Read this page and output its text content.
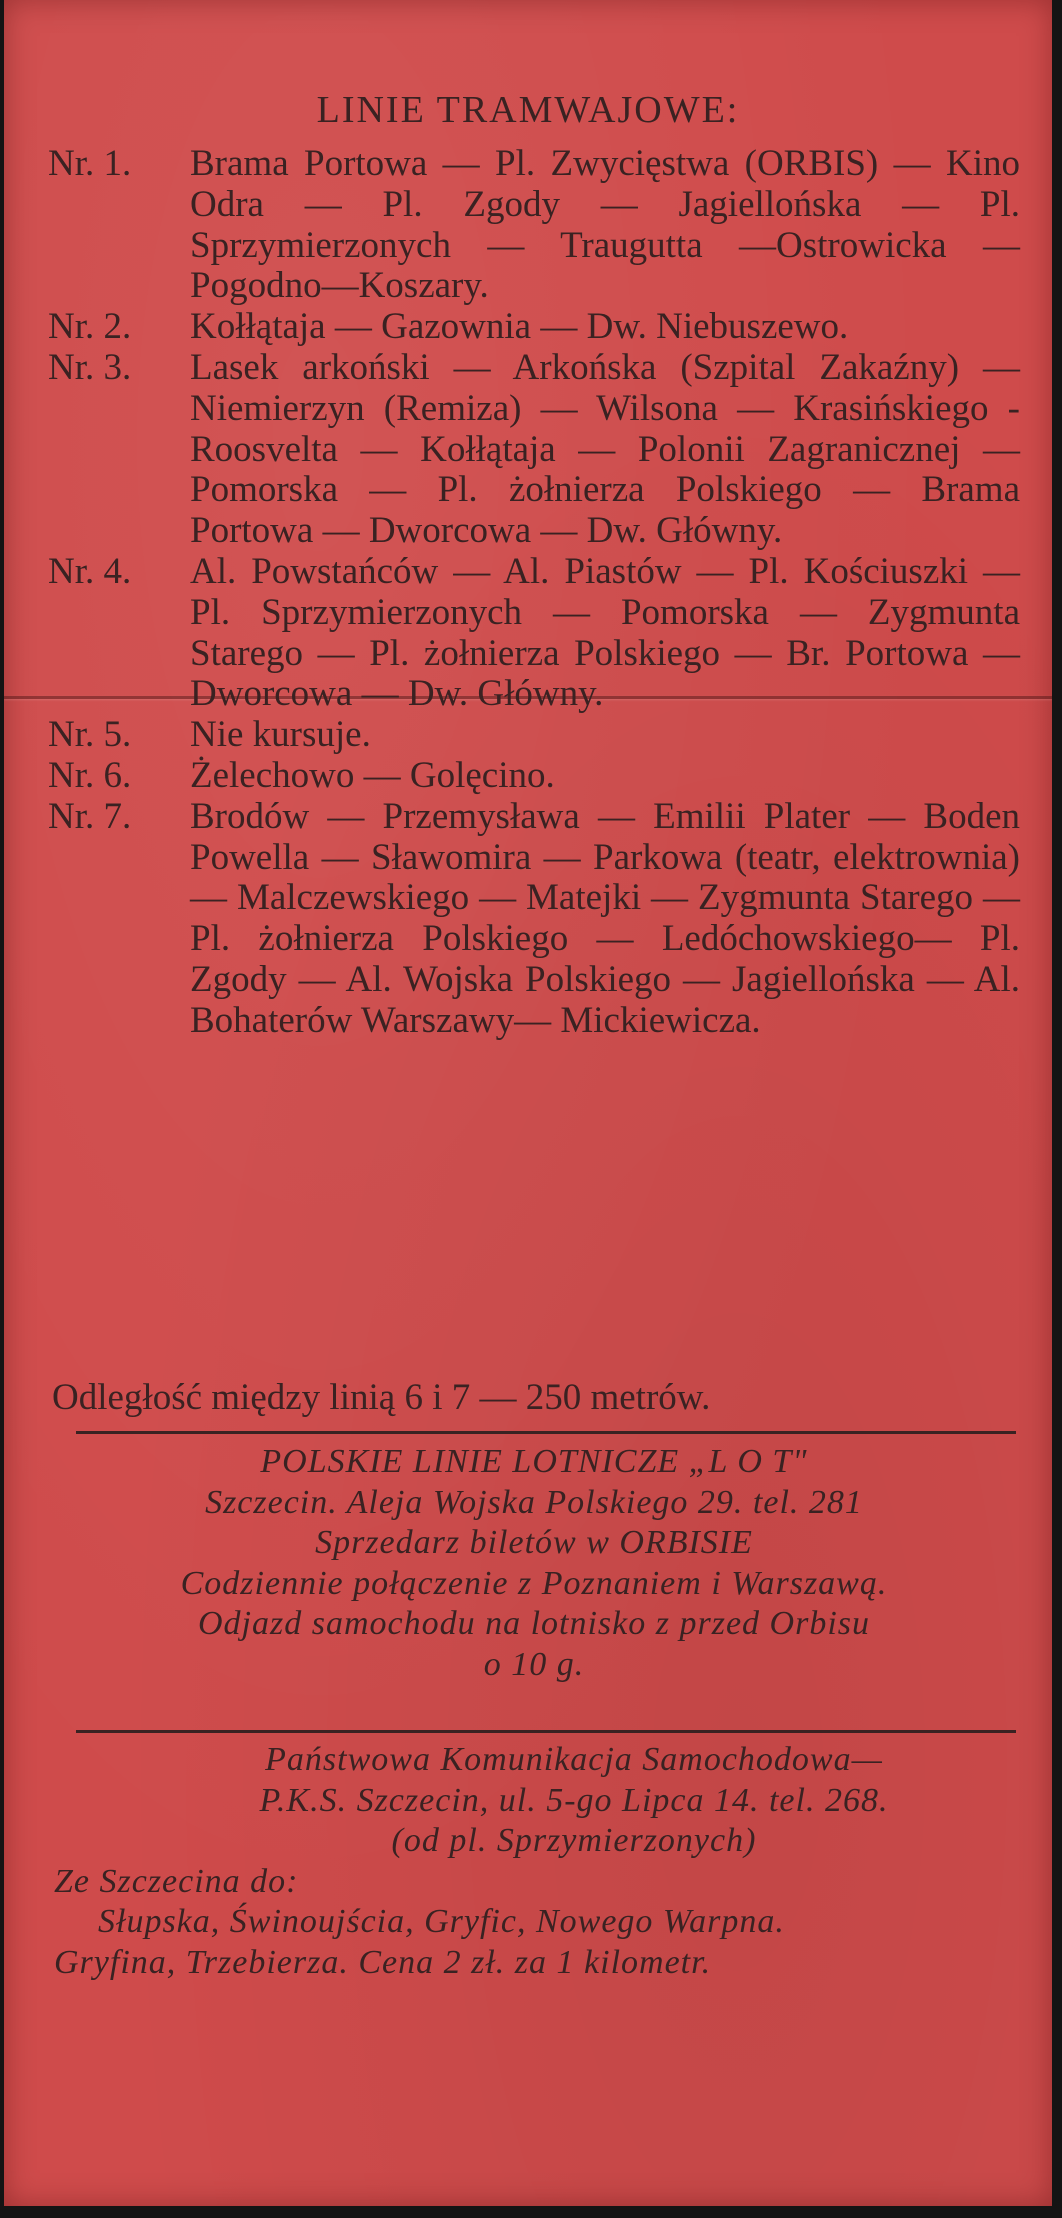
LINIE TRAMWAJOWE:
Nr. 1. Brama Portowa — Pl. Zwycięstwa (ORBIS) — Kino Odra — Pl. Zgody — Jagiellońska — Pl. Sprzymierzonych — Traugutta —Ostrowicka — Pogodno—Koszary.
Nr. 2. Kołłątaja — Gazownia — Dw. Niebuszewo.
Nr. 3. Lasek arkoński — Arkońska (Szpital Zakaźny) — Niemierzyn (Remiza) — Wilsona — Krasińskiego - Roosvelta — Kołłątaja — Polonii Zagranicznej — Pomorska — Pl. żołnierza Polskiego — Brama Portowa — Dworcowa — Dw. Główny.
Nr. 4. Al. Powstańców — Al. Piastów — Pl. Kościuszki — Pl. Sprzymierzonych — Pomorska — Zygmunta Starego — Pl. żołnierza Polskiego — Br. Portowa — Dworcowa — Dw. Główny.
Nr. 5. Nie kursuje.
Nr. 6. Żelechowo — Golęcino.
Nr. 7. Brodów — Przemysława — Emilii Plater — Boden Powella — Sławomira — Parkowa (teatr, elektrownia) — Malczewskiego — Matejki — Zygmunta Starego — Pl. żołnierza Polskiego — Ledóchowskiego— Pl. Zgody — Al. Wojska Polskiego — Jagiellońska — Al. Bohaterów Warszawy— Mickiewicza.
Odległość między linią 6 i 7 — 250 metrów.
POLSKIE LINIE LOTNICZE „L O T"
Szczecin. Aleja Wojska Polskiego 29. tel. 281
Sprzedarz biletów w ORBISIE
Codziennie połączenie z Poznaniem i Warszawą.
Odjazd samochodu na lotnisko z przed Orbisu
o 10 g.
Państwowa Komunikacja Samochodowa—
P.K.S. Szczecin, ul. 5-go Lipca 14. tel. 268.
(od pl. Sprzymierzonych)
Ze Szczecina do:
Słupska, Świnoujścia, Gryfic, Nowego Warpna.
Gryfina, Trzebierza. Cena 2 zł. za 1 kilometr.
